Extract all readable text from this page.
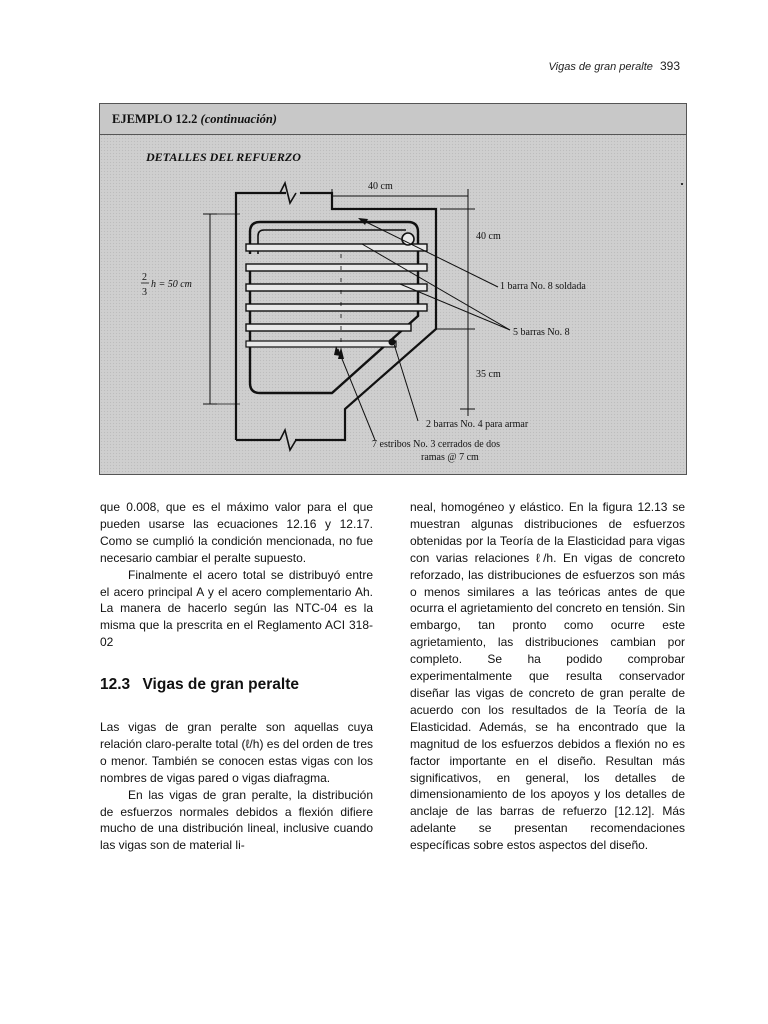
Vigas de gran peralte 393
EJEMPLO 12.2 (continuación)
DETALLES DEL REFUERZO
2
3
h = 50 cm
40 cm
40 cm
35 cm
1 barra No. 8 soldada
5 barras No. 8
2 barras No. 4 para armar
7 estribos No. 3 cerrados de dos
ramas @ 7 cm

que 0.008, que es el máximo valor para el que pueden usarse las ecuaciones 12.16 y 12.17. Como se cumplió la condición mencionada, no fue necesario cambiar el peralte supuesto.

Finalmente el acero total se distribuyó entre el acero principal A y el acero complementario Ah. La manera de hacerlo según las NTC-04 es la misma que la prescrita en el Reglamento ACI 318-02

12.3 Vigas de gran peralte

Las vigas de gran peralte son aquellas cuya relación claro-peralte total (ℓ/h) es del orden de tres o menor. También se conocen estas vigas con los nombres de vigas pared o vigas diafragma.

En las vigas de gran peralte, la distribución de esfuerzos normales debidos a flexión difiere mucho de una distribución lineal, inclusive cuando las vigas son de material li-

neal, homogéneo y elástico. En la figura 12.13 se muestran algunas distribuciones de esfuerzos obtenidas por la Teoría de la Elasticidad para vigas con varias relaciones ℓ/h. En vigas de concreto reforzado, las distribuciones de esfuerzos son más o menos similares a las teóricas antes de que ocurra el agrietamiento del concreto en tensión. Sin embargo, tan pronto como ocurre este agrietamiento, las distribuciones cambian por completo. Se ha podido comprobar experimentalmente que resulta conservador diseñar las vigas de concreto de gran peralte de acuerdo con los resultados de la Teoría de la Elasticidad. Además, se ha encontrado que la magnitud de los esfuerzos debidos a flexión no es factor importante en el diseño. Resultan más significativos, en general, los detalles de dimensionamiento de los apoyos y los detalles de anclaje de las barras de refuerzo [12.12]. Más adelante se presentan recomendaciones específicas sobre estos aspectos del diseño.
